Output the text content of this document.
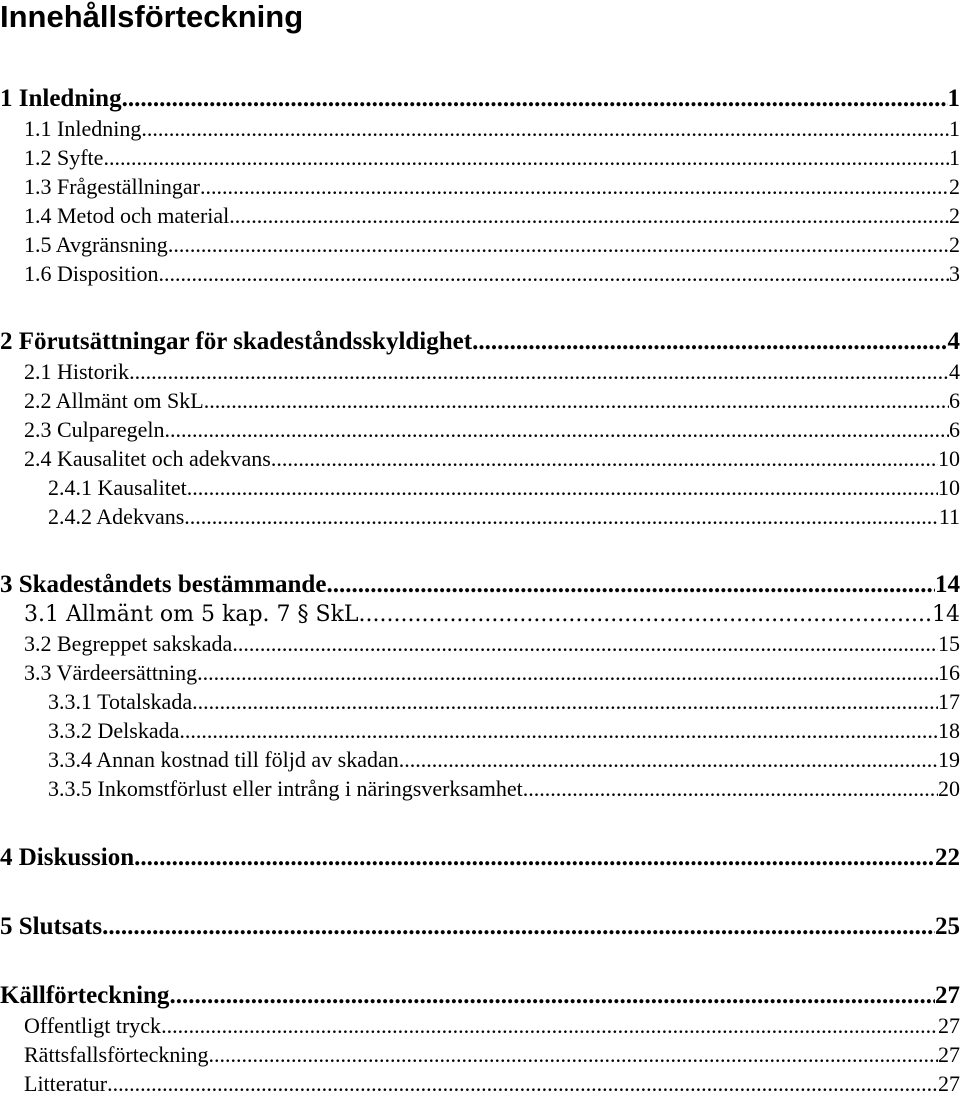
Innehållsförteckning
1 Inledning .....	1
1.1 Inledning .....	1
1.2 Syfte .....	1
1.3 Frågeställningar .....	2
1.4 Metod och material .....	2
1.5 Avgränsning .....	2
1.6 Disposition .....	3
2 Förutsättningar för skadeståndsskyldighet .....	4
2.1 Historik .....	4
2.2 Allmänt om SkL .....	6
2.3 Culparegeln .....	6
2.4 Kausalitet och adekvans .....	10
2.4.1 Kausalitet .....	10
2.4.2 Adekvans .....	11
3 Skadeståndets bestämmande .....	14
3.1 Allmänt om 5 kap. 7 § SkL .....	14
3.2 Begreppet sakskada .....	15
3.3 Värdeersättning .....	16
3.3.1 Totalskada .....	17
3.3.2 Delskada .....	18
3.3.4 Annan kostnad till följd av skadan .....	19
3.3.5 Inkomstförlust eller intrång i näringsverksamhet .....	20
4 Diskussion .....	22
5 Slutsats .....	25
Källförteckning .....	27
Offentligt tryck .....	27
Rättsfallsförteckning .....	27
Litteratur .....	27
